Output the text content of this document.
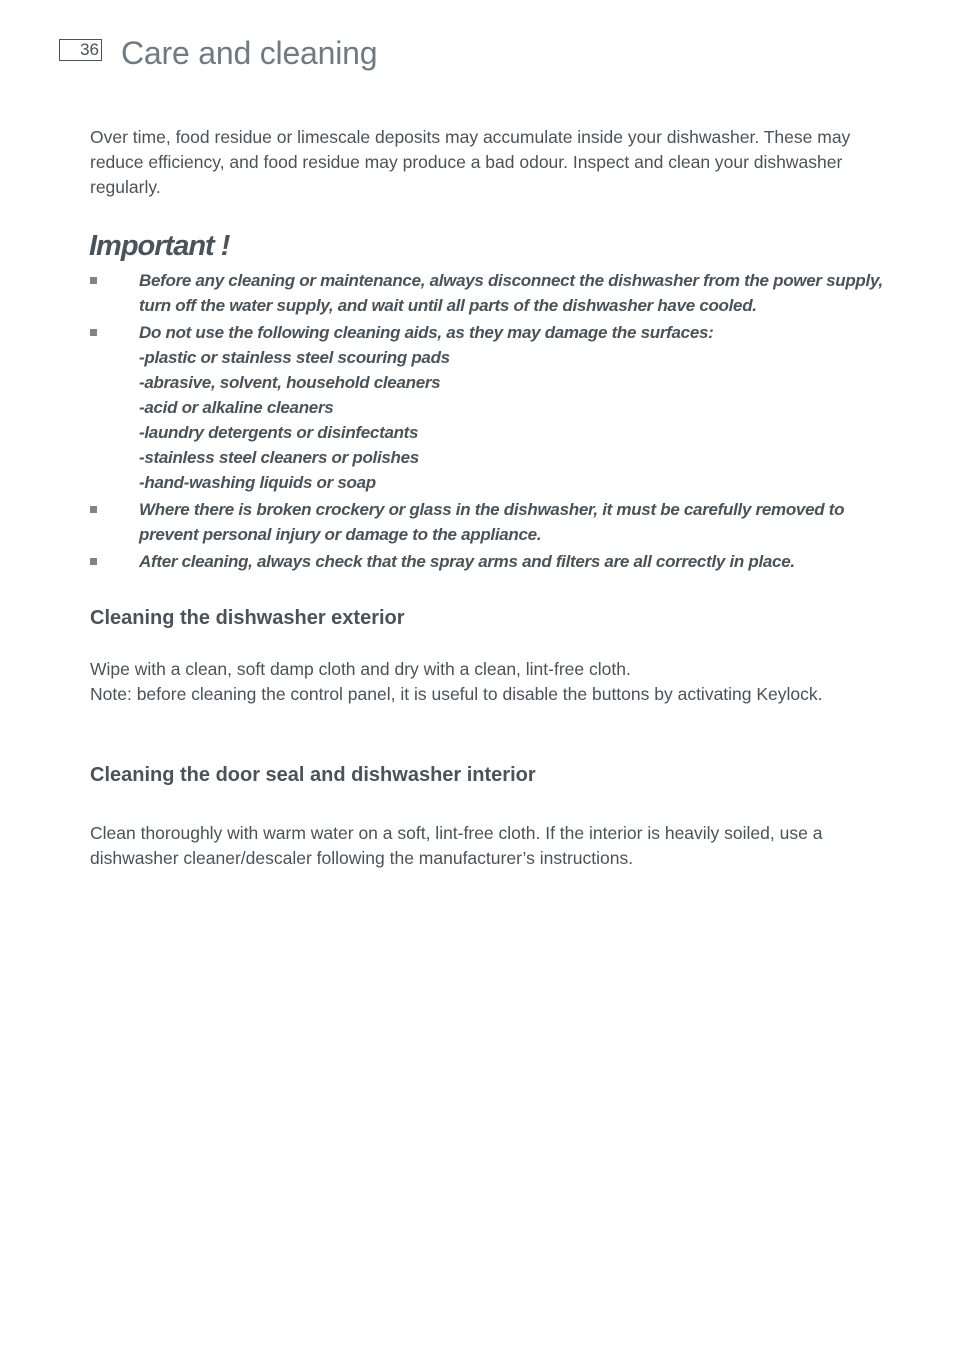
36 Care and cleaning

Over time, food residue or limescale deposits may accumulate inside your dishwasher. These may reduce efficiency, and food residue may produce a bad odour. Inspect and clean your dishwasher regularly.

Important !
Before any cleaning or maintenance, always disconnect the dishwasher from the power supply, turn off the water supply, and wait until all parts of the dishwasher have cooled.
Do not use the following cleaning aids, as they may damage the surfaces:
-plastic or stainless steel scouring pads
-abrasive, solvent, household cleaners
-acid or alkaline cleaners
-laundry detergents or disinfectants
-stainless steel cleaners or polishes
-hand-washing liquids or soap
Where there is broken crockery or glass in the dishwasher, it must be carefully removed to prevent personal injury or damage to the appliance.
After cleaning, always check that the spray arms and filters are all correctly in place.
Cleaning the dishwasher exterior

Wipe with a clean, soft damp cloth and dry with a clean, lint-free cloth.
Note: before cleaning the control panel, it is useful to disable the buttons by activating Keylock.

Cleaning the door seal and dishwasher interior

Clean thoroughly with warm water on a soft, lint-free cloth. If the interior is heavily soiled, use a dishwasher cleaner/descaler following the manufacturer’s instructions.
